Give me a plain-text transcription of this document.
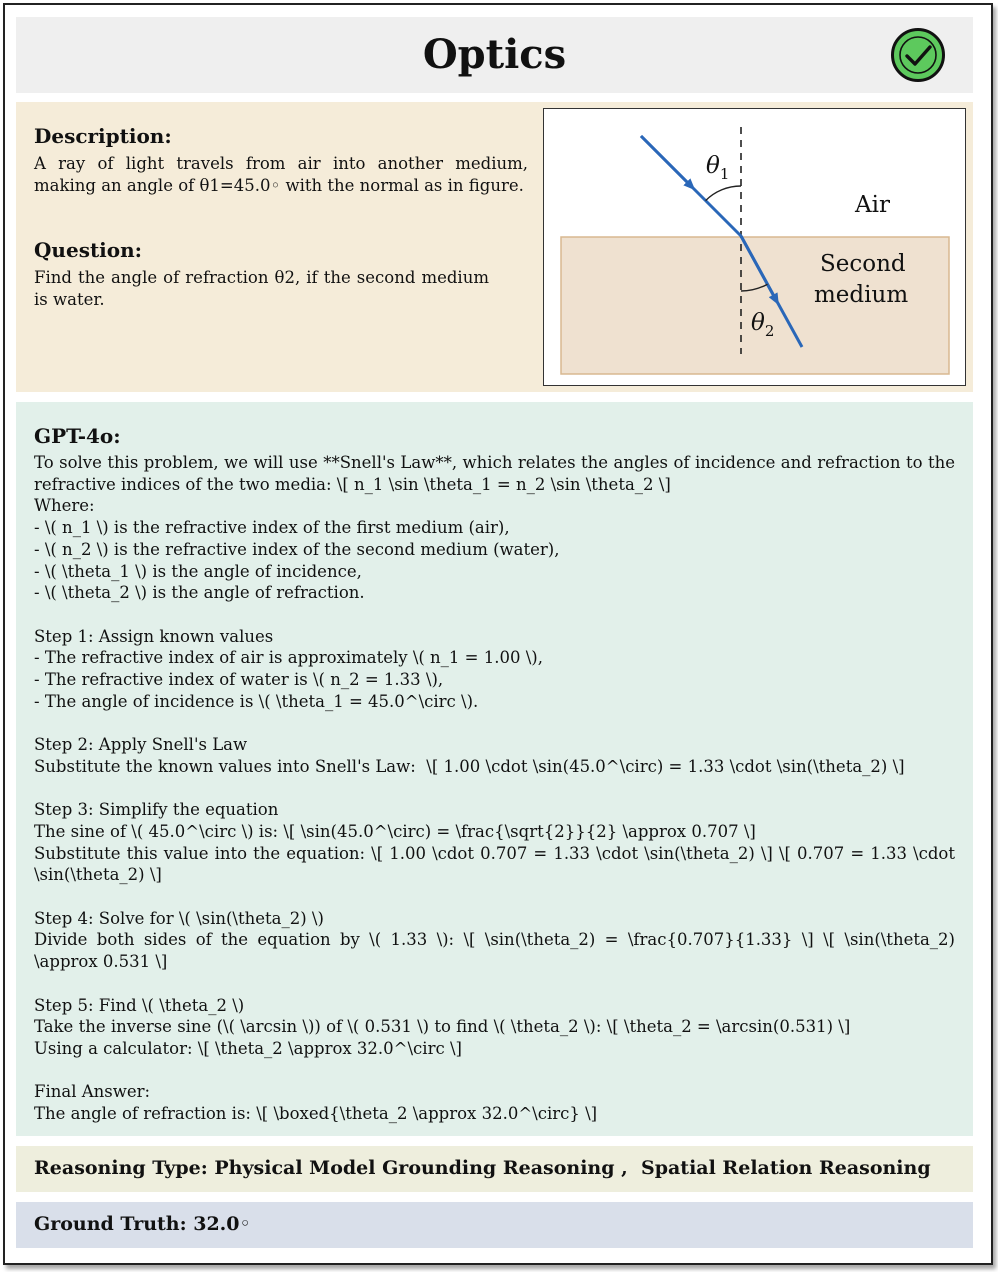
Optics
Description:
A ray of light travels from air into another medium, making an angle of θ1=45.0◦ with the normal as in figure.
Question:
Find the angle of refraction θ2, if the second medium is water.
$\theta_1$
$\theta_2$
Air
Second
medium
GPT-4o:
To solve this problem, we will use **Snell's Law**, which relates the angles of incidence and refraction to the refractive indices of the two media: \[ n_1 \sin \theta_1 = n_2 \sin \theta_2 \]
Where:
- \( n_1 \) is the refractive index of the first medium (air),
- \( n_2 \) is the refractive index of the second medium (water),
- \( \theta_1 \) is the angle of incidence,
- \( \theta_2 \) is the angle of refraction.
Step 1: Assign known values
- The refractive index of air is approximately \( n_1 = 1.00 \),
- The refractive index of water is \( n_2 = 1.33 \),
- The angle of incidence is \( \theta_1 = 45.0^\circ \).
Step 2: Apply Snell's Law
Substitute the known values into Snell's Law:  \[ 1.00 \cdot \sin(45.0^\circ) = 1.33 \cdot \sin(\theta_2) \]
Step 3: Simplify the equation
The sine of \( 45.0^\circ \) is: \[ \sin(45.0^\circ) = \frac{\sqrt{2}}{2} \approx 0.707 \]
Substitute this value into the equation: \[ 1.00 \cdot 0.707 = 1.33 \cdot \sin(\theta_2) \] \[ 0.707 = 1.33 \cdot \sin(\theta_2) \]
Step 4: Solve for \( \sin(\theta_2) \)
Divide both sides of the equation by \( 1.33 \): \[ \sin(\theta_2) = \frac{0.707}{1.33} \] \[ \sin(\theta_2) \approx 0.531 \]
Step 5: Find \( \theta_2 \)
Take the inverse sine (\( \arcsin \)) of \( 0.531 \) to find \( \theta_2 \): \[ \theta_2 = \arcsin(0.531) \]
Using a calculator: \[ \theta_2 \approx 32.0^\circ \]
Final Answer:
The angle of refraction is: \[ \boxed{\theta_2 \approx 32.0^\circ} \]
Reasoning Type: Physical Model Grounding Reasoning ,  Spatial Relation Reasoning
Ground Truth: 32.0◦
